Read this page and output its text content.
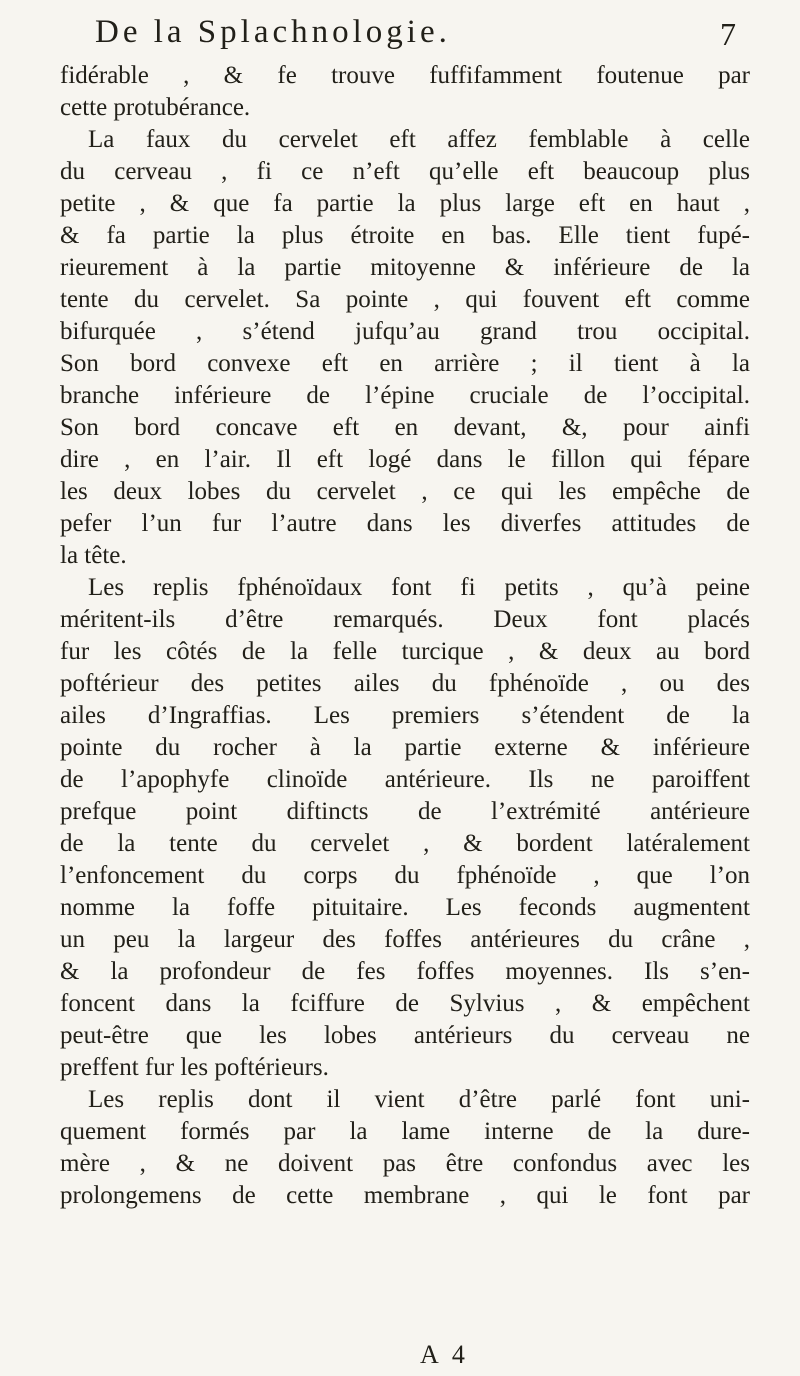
De la Splachnologie.	7
fidérable , & fe trouve fuffifamment foutenue par
cette protubérance.
La faux du cervelet eft affez femblable à celle
du cerveau , fi ce n’eft qu’elle eft beaucoup plus
petite , & que fa partie la plus large eft en haut ,
& fa partie la plus étroite en bas. Elle tient fupé-
rieurement à la partie mitoyenne & inférieure de la
tente du cervelet. Sa pointe , qui fouvent eft comme
bifurquée , s’étend jufqu’au grand trou occipital.
Son bord convexe eft en arrière ; il tient à la
branche inférieure de l’épine cruciale de l’occipital.
Son bord concave eft en devant, &, pour ainfi
dire , en l’air. Il eft logé dans le fillon qui fépare
les deux lobes du cervelet , ce qui les empêche de
pefer l’un fur l’autre dans les diverfes attitudes de
la tête.
Les replis fphénoïdaux font fi petits , qu’à peine
méritent-ils d’être remarqués. Deux font placés
fur les côtés de la felle turcique , & deux au bord
poftérieur des petites ailes du fphénoïde , ou des
ailes d’Ingraffias. Les premiers s’étendent de la
pointe du rocher à la partie externe & inférieure
de l’apophyfe clinoïde antérieure. Ils ne paroiffent
prefque point diftincts de l’extrémité antérieure
de la tente du cervelet , & bordent latéralement
l’enfoncement du corps du fphénoïde , que l’on
nomme la foffe pituitaire. Les feconds augmentent
un peu la largeur des foffes antérieures du crâne ,
& la profondeur de fes foffes moyennes. Ils s’en-
foncent dans la fciffure de Sylvius , & empêchent
peut-être que les lobes antérieurs du cerveau ne
preffent fur les poftérieurs.
Les replis dont il vient d’être parlé font uni-
quement formés par la lame interne de la dure-
mère , & ne doivent pas être confondus avec les
prolongemens de cette membrane , qui le font par
A 4
